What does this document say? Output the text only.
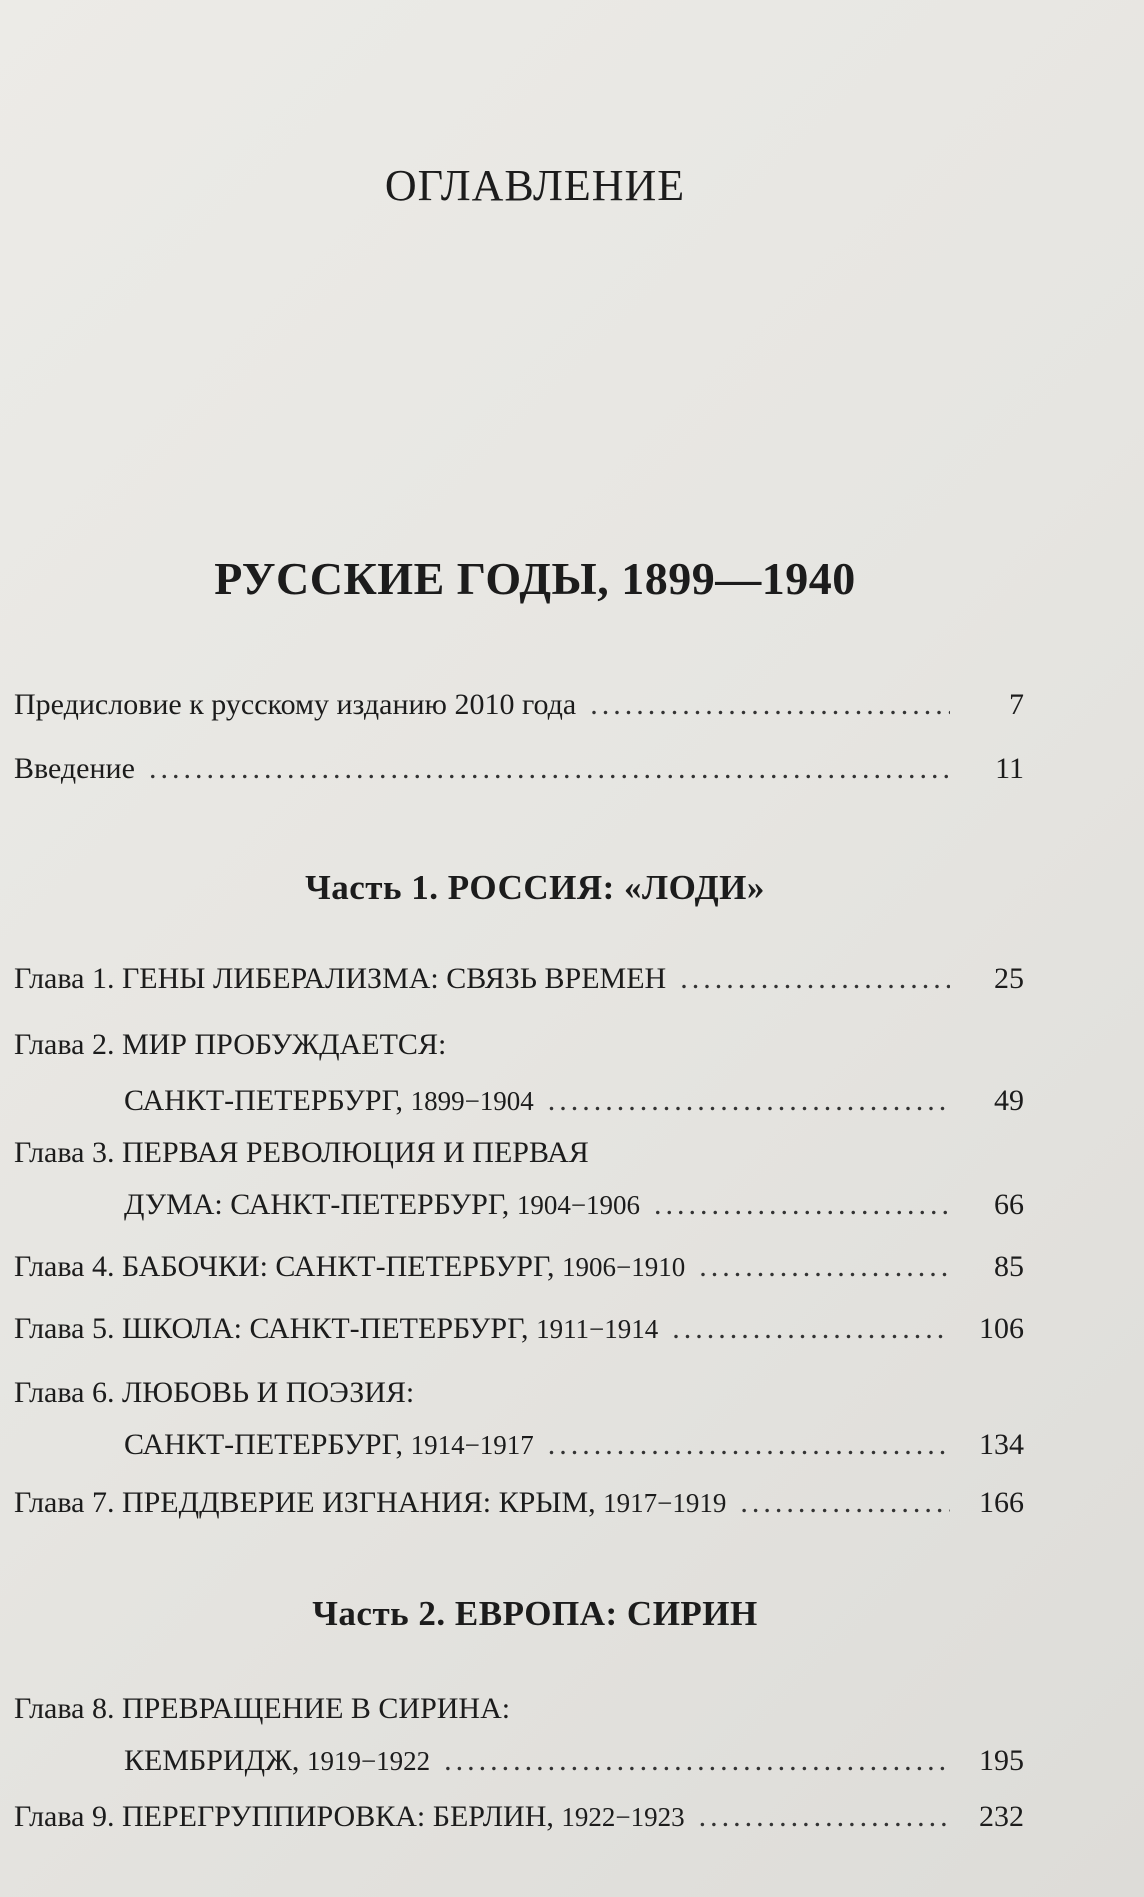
ОГЛАВЛЕНИЕ
РУССКИЕ ГОДЫ, 1899—1940
Предисловие к русскому изданию 2010 года .....	7
Введение .....	11
Часть 1. РОССИЯ: «ЛОДИ»
Глава 1. ГЕНЫ ЛИБЕРАЛИЗМА: СВЯЗЬ ВРЕМЕН .....	25
Глава 2. МИР ПРОБУЖДАЕТСЯ:
САНКТ-ПЕТЕРБУРГ, 1899−1904 .....	49
Глава 3. ПЕРВАЯ РЕВОЛЮЦИЯ И ПЕРВАЯ
ДУМА: САНКТ-ПЕТЕРБУРГ, 1904−1906 .....	66
Глава 4. БАБОЧКИ: САНКТ-ПЕТЕРБУРГ, 1906−1910 .....	85
Глава 5. ШКОЛА: САНКТ-ПЕТЕРБУРГ, 1911−1914 .....	106
Глава 6. ЛЮБОВЬ И ПОЭЗИЯ:
САНКТ-ПЕТЕРБУРГ, 1914−1917 .....	134
Глава 7. ПРЕДДВЕРИЕ ИЗГНАНИЯ: КРЫМ, 1917−1919 .....	166
Часть 2. ЕВРОПА: СИРИН
Глава 8. ПРЕВРАЩЕНИЕ В СИРИНА:
КЕМБРИДЖ, 1919−1922 .....	195
Глава 9. ПЕРЕГРУППИРОВКА: БЕРЛИН, 1922−1923 .....	232
